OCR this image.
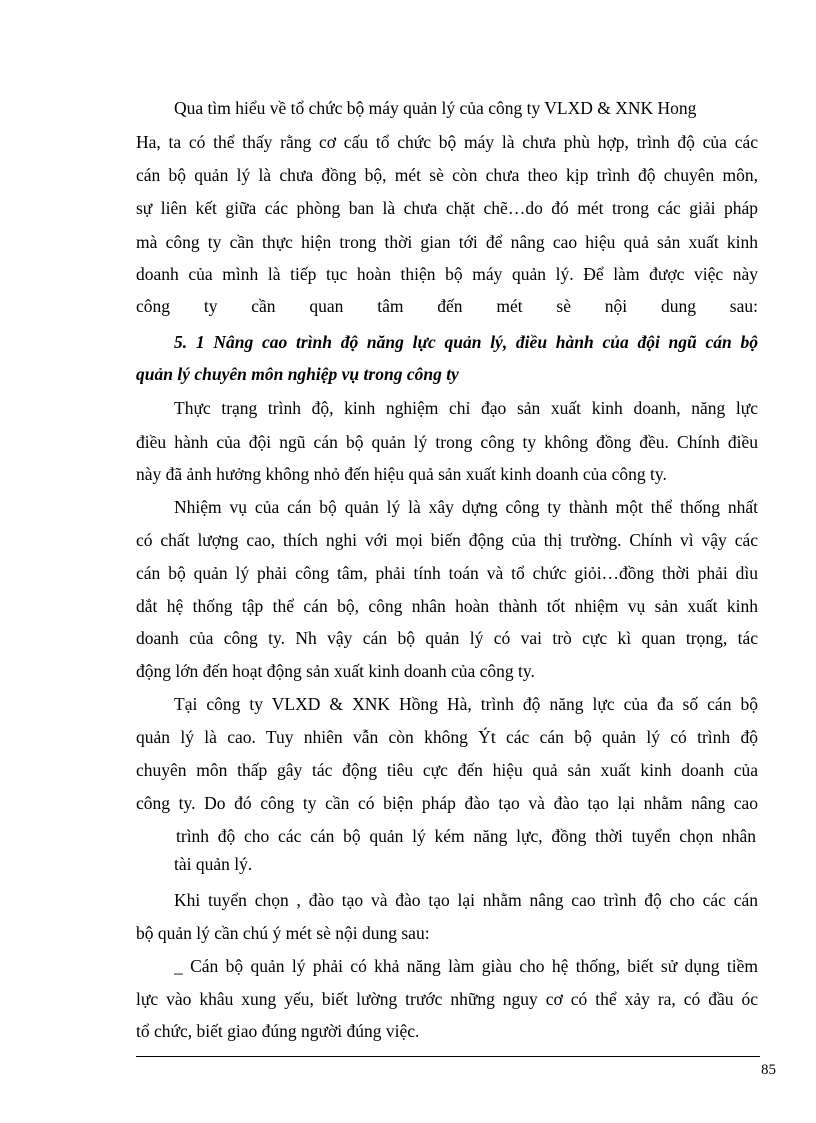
Qua tìm hiểu về tổ chức bộ máy quản lý của công ty VLXD & XNK Hong
Ha, ta có thể thấy rằng cơ cấu tổ chức bộ máy là chưa phù hợp, trình độ của các
cán bộ quản lý là chưa đồng bộ, mét sè còn chưa theo kịp trình độ chuyên môn,
sự liên kết giữa các phòng ban là chưa chặt chẽ…do đó mét trong các giải pháp
mà công ty cần thực hiện trong thời gian tới để nâng cao hiệu quả sản xuất kinh
doanh của mình là tiếp tục hoàn thiện bộ máy quản lý. Để làm được việc này
công ty cần quan tâm đến mét sè nội dung sau:
5. 1 Nâng cao trình độ năng lực quản lý, điều hành của đội ngũ cán bộ
quản lý chuyên môn nghiệp vụ trong công ty
Thực trạng trình độ, kinh nghiệm chỉ đạo sản xuất kinh doanh, năng lực
điều hành của đội ngũ cán bộ quản lý trong công ty không đồng đều. Chính điều
này đã ảnh hưởng không nhỏ đến hiệu quả sản xuất kinh doanh của công ty.
Nhiệm vụ của cán bộ quản lý là xây dựng công ty thành một thể thống nhất
có chất lượng cao, thích nghi với mọi biến động của thị trường. Chính vì vậy các
cán bộ quản lý phải công tâm, phải tính toán và tổ chức giỏi…đồng thời phải dìu
dắt hệ thống tập thể cán bộ, công nhân hoàn thành tốt nhiệm vụ sản xuất kinh
doanh của công ty. Nh vậy cán bộ quản lý có vai trò cực kì quan trọng, tác
động lớn đến hoạt động sản xuất kinh doanh của công ty.
Tại công ty VLXD & XNK Hồng Hà, trình độ năng lực của đa số cán bộ
quản lý là cao. Tuy nhiên vẫn còn không Ýt các cán bộ quản lý có trình độ
chuyên môn thấp gây tác động tiêu cực đến hiệu quả sản xuất kinh doanh của
công ty. Do đó công ty cần có biện pháp đào tạo và đào tạo lại nhằm nâng cao
trình độ cho các cán bộ quản lý kém năng lực, đồng thời tuyển chọn nhân
tài quản lý.
Khi tuyển chọn , đào tạo và đào tạo lại nhằm nâng cao trình độ cho các cán
bộ quản lý cần chú ý mét sè nội dung sau:
_ Cán bộ quản lý phải có khả năng làm giàu cho hệ thống, biết sử dụng tiềm
lực vào khâu xung yếu, biết lường trước những nguy cơ có thể xảy ra, có đầu óc
tổ chức, biết giao đúng người đúng việc.
85
